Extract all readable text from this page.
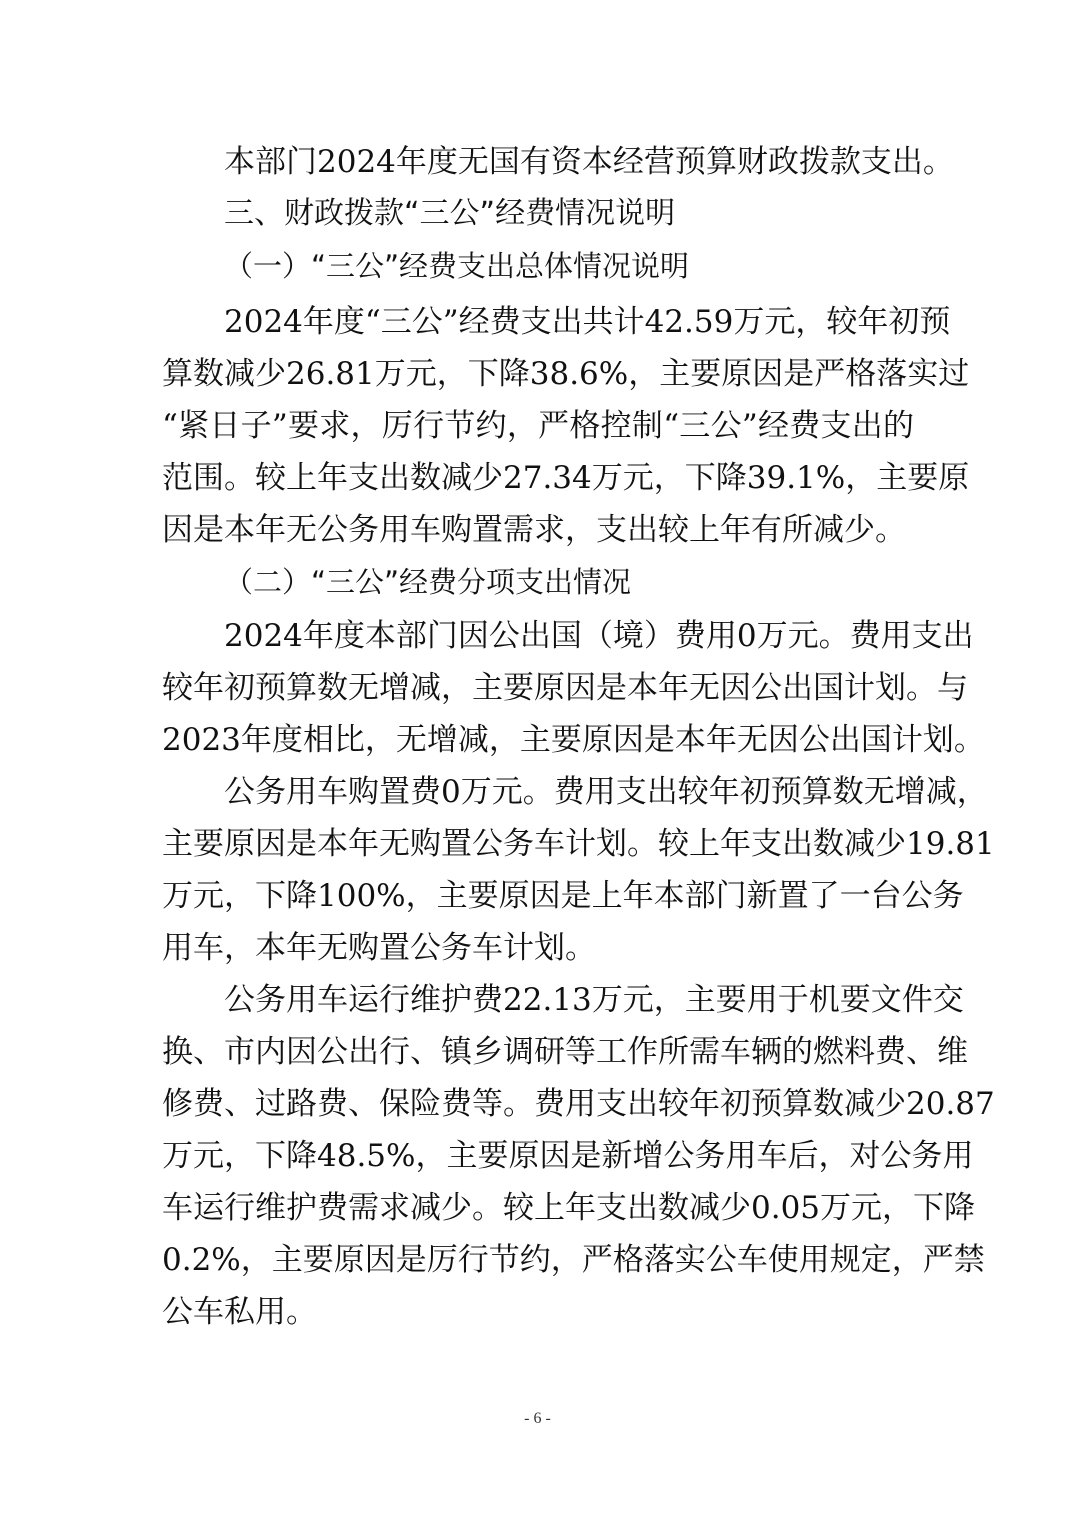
本部门2024年度无国有资本经营预算财政拨款支出。
三、财政拨款“三公”经费情况说明
（一）“三公”经费支出总体情况说明
2024年度“三公”经费支出共计42.59万元，较年初预
算数减少26.81万元，下降38.6%，主要原因是严格落实过
“紧日子”要求，厉行节约，严格控制“三公”经费支出的
范围。较上年支出数减少27.34万元，下降39.1%，主要原
因是本年无公务用车购置需求，支出较上年有所减少。
（二）“三公”经费分项支出情况
2024年度本部门因公出国（境）费用0万元。费用支出
较年初预算数无增减，主要原因是本年无因公出国计划。与
2023年度相比，无增减，主要原因是本年无因公出国计划。
公务用车购置费0万元。费用支出较年初预算数无增减，
主要原因是本年无购置公务车计划。较上年支出数减少19.81
万元，下降100%，主要原因是上年本部门新置了一台公务
用车，本年无购置公务车计划。
公务用车运行维护费22.13万元，主要用于机要文件交
换、市内因公出行、镇乡调研等工作所需车辆的燃料费、维
修费、过路费、保险费等。费用支出较年初预算数减少20.87
万元，下降48.5%，主要原因是新增公务用车后，对公务用
车运行维护费需求减少。较上年支出数减少0.05万元，下降
0.2%，主要原因是厉行节约，严格落实公车使用规定，严禁
公车私用。
- 6 -
